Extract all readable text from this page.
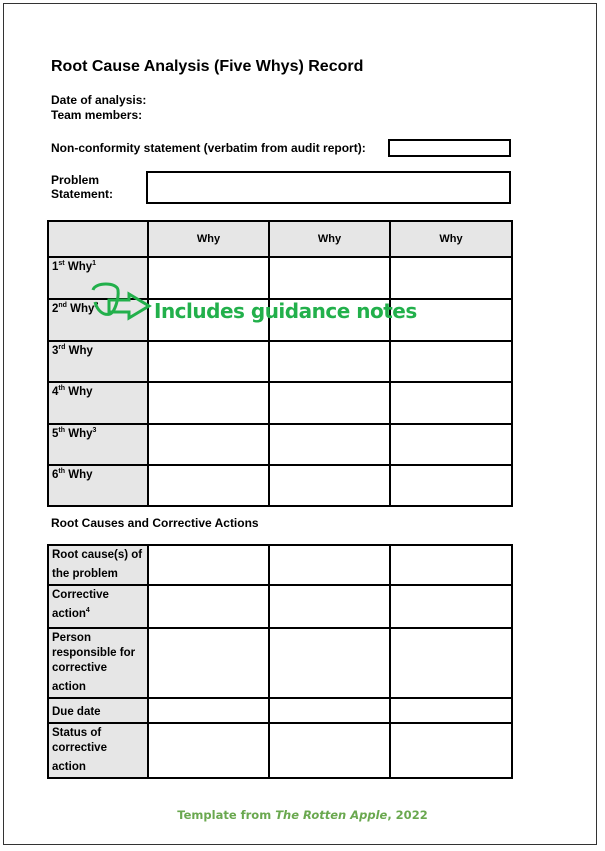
Root Cause Analysis (Five Whys) Record
Date of analysis:
Team members:
Non-conformity statement (verbatim from audit report):
Problem
Statement:
	Why	Why	Why
1st Why$^1$			
2nd Why$^2$			
3rd Why			
4th Why			
5th Why$^3$			
6th Why			
Root Causes and Corrective Actions
Root cause(s) of the problem			
Corrective action$^4$			
Person responsible for corrective action			
Due date			
Status of corrective action			
Includes guidance notes
Template from The Rotten Apple, 2022
